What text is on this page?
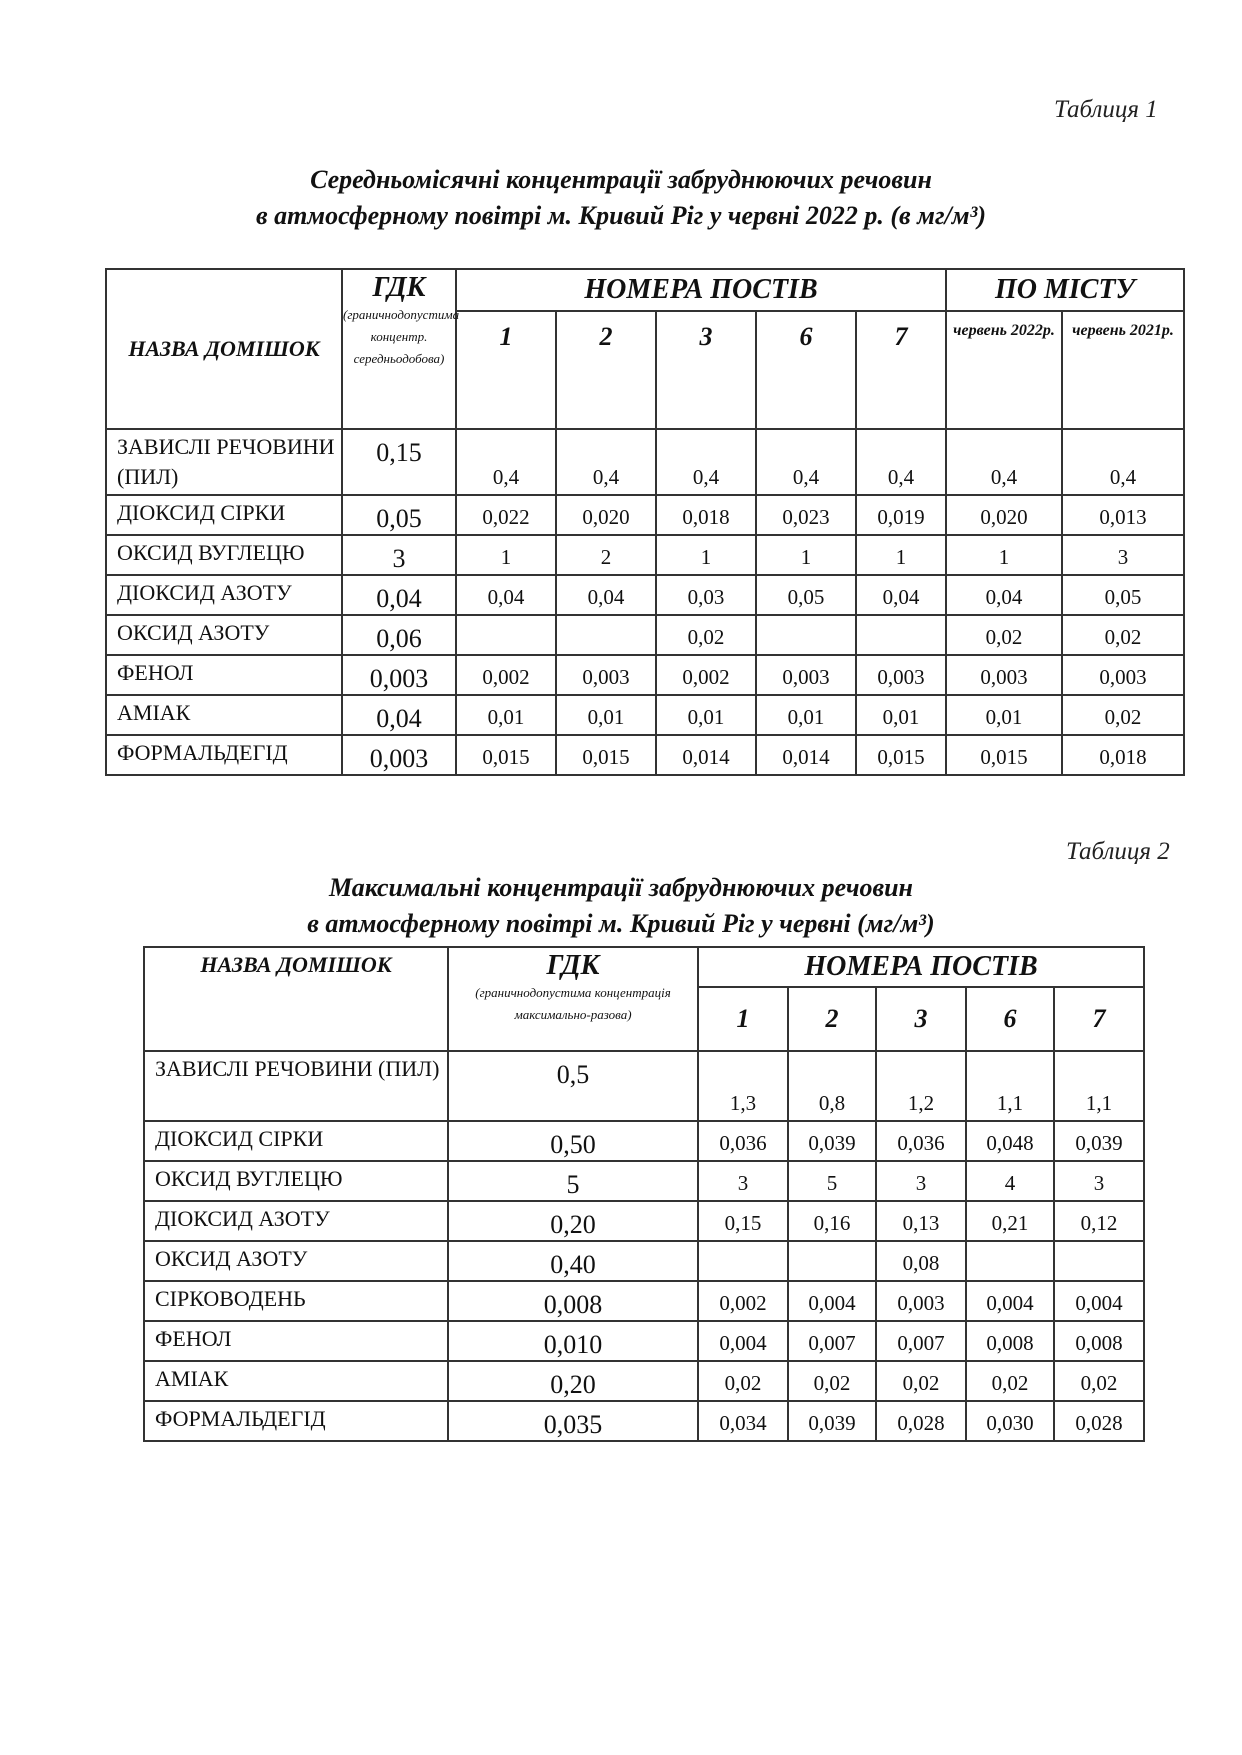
Таблиця 1
Середньомісячні концентрації забруднюючих речовин
в атмосферному повітрі м. Кривий Ріг у червні 2022 р. (в мг/м³)
НАЗВА ДОМІШОК	ГДК
(граничнодопустима концентр. середньодобова)	НОМЕРА ПОСТІВ					ПО МІСТУ	
		1	2	3	6	7	червень 2022р.	червень 2021р.
ЗАВИСЛІ РЕЧОВИНИ (ПИЛ)	0,15	0,4	0,4	0,4	0,4	0,4	0,4	0,4
ДІОКСИД СІРКИ	0,05	0,022	0,020	0,018	0,023	0,019	0,020	0,013
ОКСИД ВУГЛЕЦЮ	3	1	2	1	1	1	1	3
ДІОКСИД АЗОТУ	0,04	0,04	0,04	0,03	0,05	0,04	0,04	0,05
ОКСИД АЗОТУ	0,06			0,02			0,02	0,02
ФЕНОЛ	0,003	0,002	0,003	0,002	0,003	0,003	0,003	0,003
АМІАК	0,04	0,01	0,01	0,01	0,01	0,01	0,01	0,02
ФОРМАЛЬДЕГІД	0,003	0,015	0,015	0,014	0,014	0,015	0,015	0,018
Таблиця 2
Максимальні концентрації забруднюючих речовин
в атмосферному повітрі м. Кривий Ріг у червні (мг/м³)
НАЗВА ДОМІШОК	ГДК
(граничнодопустима концентрація максимально-разова)	НОМЕРА ПОСТІВ				
		1	2	3	6	7
ЗАВИСЛІ РЕЧОВИНИ (ПИЛ)	0,5	1,3	0,8	1,2	1,1	1,1
ДІОКСИД СІРКИ	0,50	0,036	0,039	0,036	0,048	0,039
ОКСИД ВУГЛЕЦЮ	5	3	5	3	4	3
ДІОКСИД АЗОТУ	0,20	0,15	0,16	0,13	0,21	0,12
ОКСИД АЗОТУ	0,40			0,08		
СІРКОВОДЕНЬ	0,008	0,002	0,004	0,003	0,004	0,004
ФЕНОЛ	0,010	0,004	0,007	0,007	0,008	0,008
АМІАК	0,20	0,02	0,02	0,02	0,02	0,02
ФОРМАЛЬДЕГІД	0,035	0,034	0,039	0,028	0,030	0,028
